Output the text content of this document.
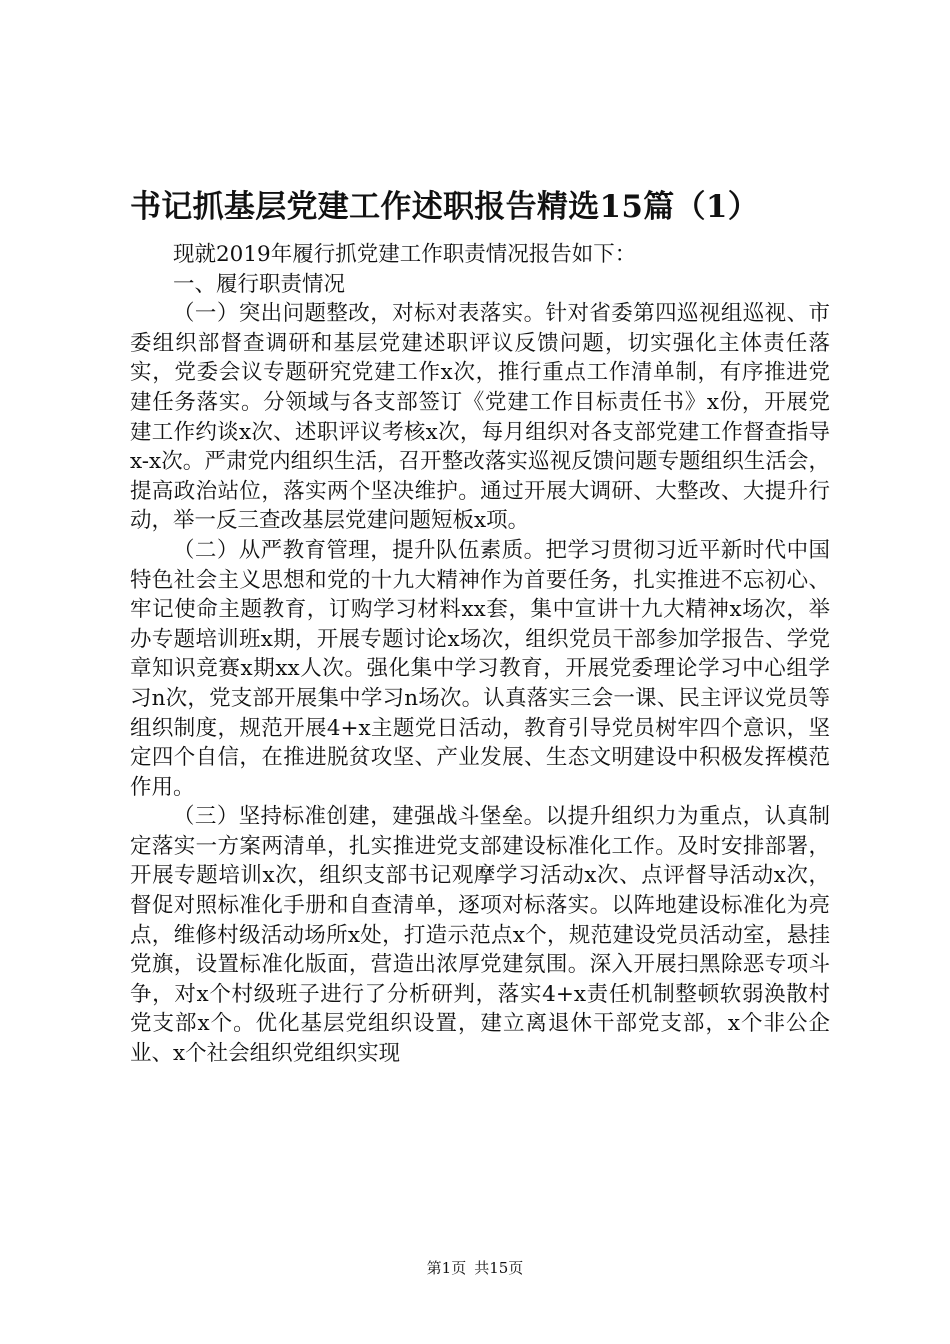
书记抓基层党建工作述职报告精选15篇（1）

现就2019年履行抓党建工作职责情况报告如下：

一、履行职责情况

（一）突出问题整改，对标对表落实。针对省委第四巡视组巡视、市委组织部督查调研和基层党建述职评议反馈问题，切实强化主体责任落实，党委会议专题研究党建工作x次，推行重点工作清单制，有序推进党建任务落实。分领域与各支部签订《党建工作目标责任书》x份，开展党建工作约谈x次、述职评议考核x次，每月组织对各支部党建工作督查指导x-x次。严肃党内组织生活，召开整改落实巡视反馈问题专题组织生活会，提高政治站位，落实两个坚决维护。通过开展大调研、大整改、大提升行动，举一反三查改基层党建问题短板x项。

（二）从严教育管理，提升队伍素质。把学习贯彻习近平新时代中国特色社会主义思想和党的十九大精神作为首要任务，扎实推进不忘初心、牢记使命主题教育，订购学习材料xx套，集中宣讲十九大精神x场次，举办专题培训班x期，开展专题讨论x场次，组织党员干部参加学报告、学党章知识竞赛x期xx人次。强化集中学习教育，开展党委理论学习中心组学习n次，党支部开展集中学习n场次。认真落实三会一课、民主评议党员等组织制度，规范开展4+x主题党日活动，教育引导党员树牢四个意识，坚定四个自信，在推进脱贫攻坚、产业发展、生态文明建设中积极发挥模范作用。

（三）坚持标准创建，建强战斗堡垒。以提升组织力为重点，认真制定落实一方案两清单，扎实推进党支部建设标准化工作。及时安排部署，开展专题培训x次，组织支部书记观摩学习活动x次、点评督导活动x次，督促对照标准化手册和自查清单，逐项对标落实。以阵地建设标准化为亮点，维修村级活动场所x处，打造示范点x个，规范建设党员活动室，悬挂党旗，设置标准化版面，营造出浓厚党建氛围。深入开展扫黑除恶专项斗争，对x个村级班子进行了分析研判，落实4+x责任机制整顿软弱涣散村党支部x个。优化基层党组织设置，建立离退休干部党支部，x个非公企业、x个社会组织党组织实现

第1页 共15页
